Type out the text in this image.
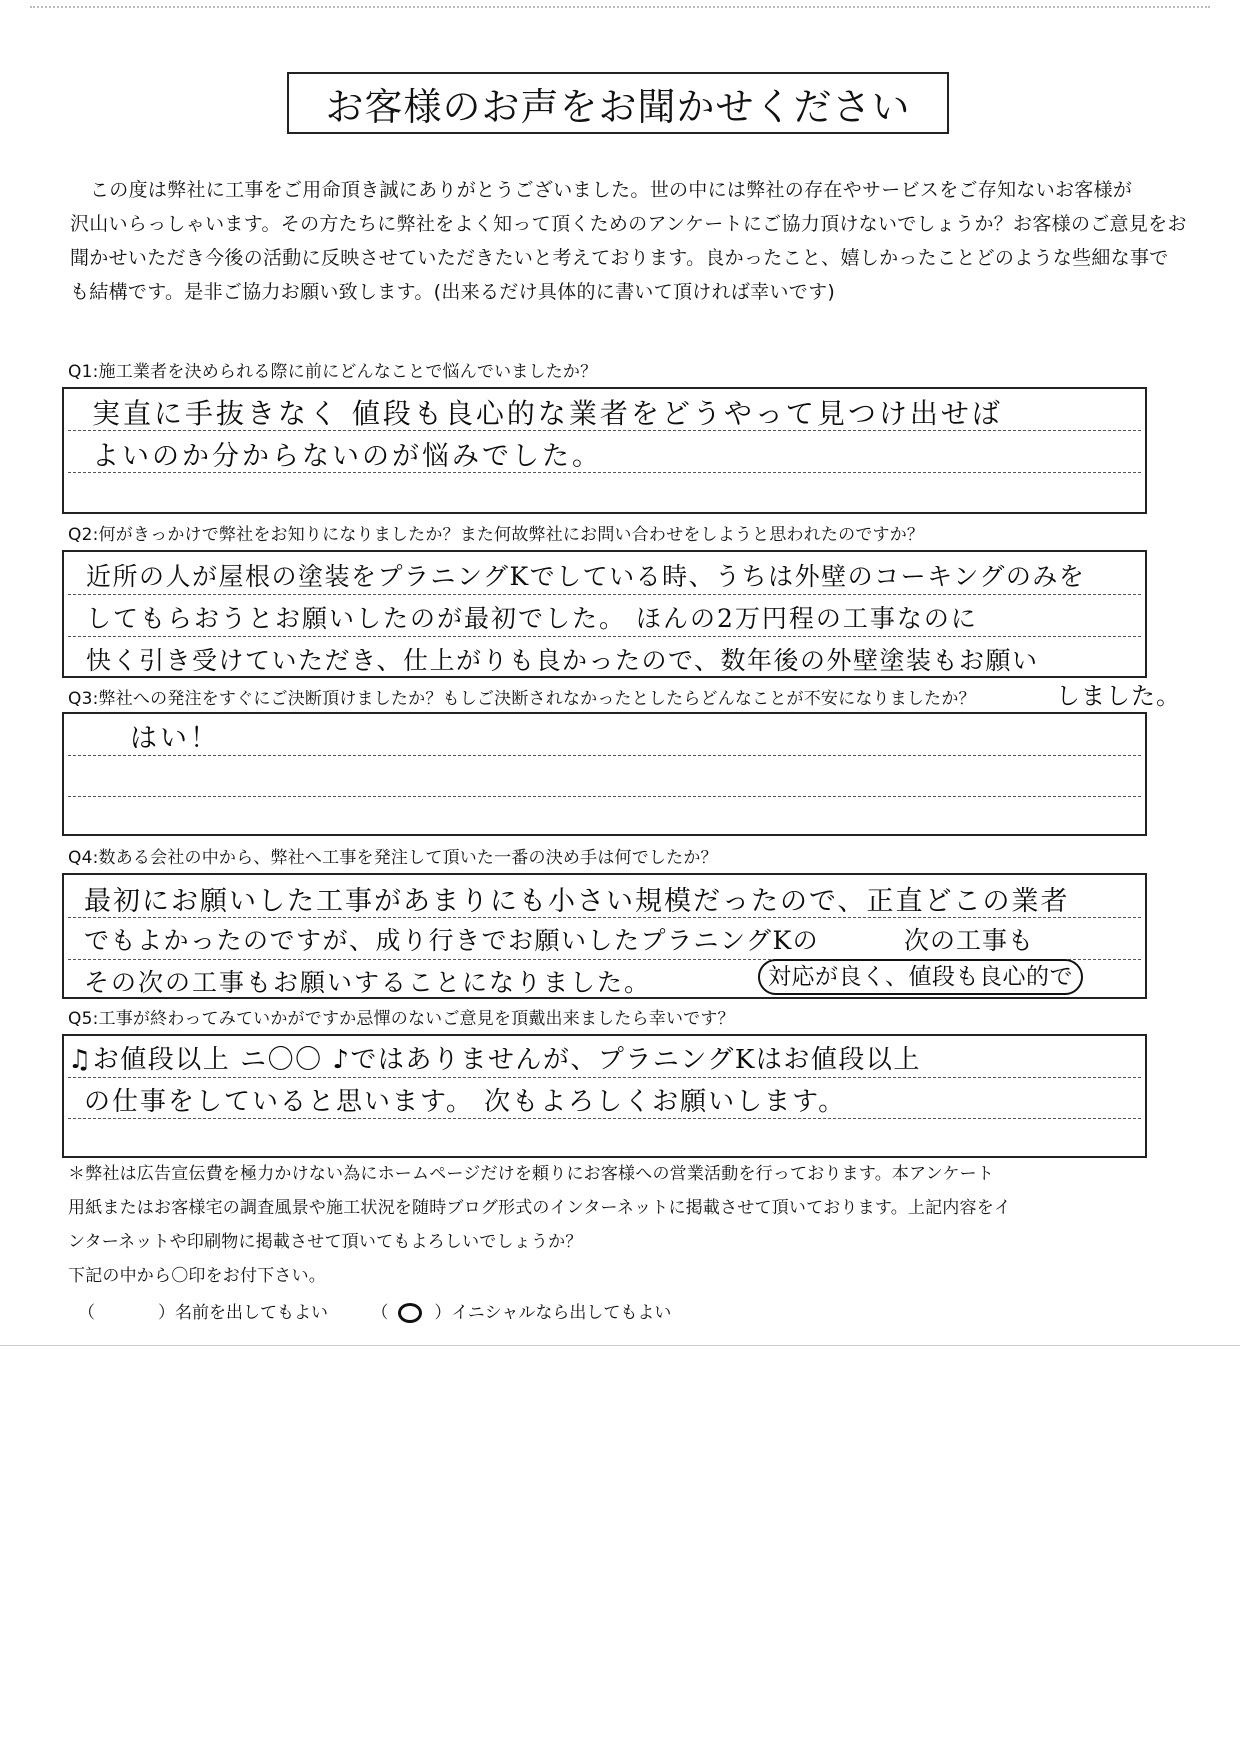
お客様のお声をお聞かせください

この度は弊社に工事をご用命頂き誠にありがとうございました。世の中には弊社の存在やサービスをご存知ないお客様が

沢山いらっしゃいます。その方たちに弊社をよく知って頂くためのアンケートにご協力頂けないでしょうか？お客様のご意見をお

聞かせいただき今後の活動に反映させていただきたいと考えております。良かったこと、嬉しかったことどのような些細な事で

も結構です。是非ご協力お願い致します。(出来るだけ具体的に書いて頂ければ幸いです)

Q1:施工業者を決められる際に前にどんなことで悩んでいましたか？
実直に手抜きなく 値段も良心的な業者をどうやって見つけ出せば
よいのか分からないのが悩みでした。
Q2:何がきっかけで弊社をお知りになりましたか？また何故弊社にお問い合わせをしようと思われたのですか？
近所の人が屋根の塗装をプラニングKでしている時、うちは外壁のコーキングのみを
してもらおうとお願いしたのが最初でした。 ほんの2万円程の工事なのに
快く引き受けていただき、仕上がりも良かったので、数年後の外壁塗装もお願い
Q3:弊社への発注をすぐにご決断頂けましたか？もしご決断されなかったとしたらどんなことが不安になりましたか？	しました。
はい！
Q4:数ある会社の中から、弊社へ工事を発注して頂いた一番の決め手は何でしたか？
最初にお願いした工事があまりにも小さい規模だったので、正直どこの業者
でもよかったのですが、成り行きでお願いしたプラニングKの	次の工事も
その次の工事もお願いすることになりました。	対応が良く、値段も良心的で
Q5:工事が終わってみていかがですか忌憚のないご意見を頂戴出来ましたら幸いです？
♫お値段以上 ニ〇〇 ♪ではありませんが、プラニングKはお値段以上
の仕事をしていると思います。 次もよろしくお願いします。

＊弊社は広告宣伝費を極力かけない為にホームページだけを頼りにお客様への営業活動を行っております。本アンケート

用紙またはお客様宅の調査風景や施工状況を随時ブログ形式のインターネットに掲載させて頂いております。上記内容をイ

ンターネットや印刷物に掲載させて頂いてもよろしいでしょうか？

下記の中から〇印をお付下さい。

（	）名前を出してもよい	（ ○ ）イニシャルなら出してもよい
